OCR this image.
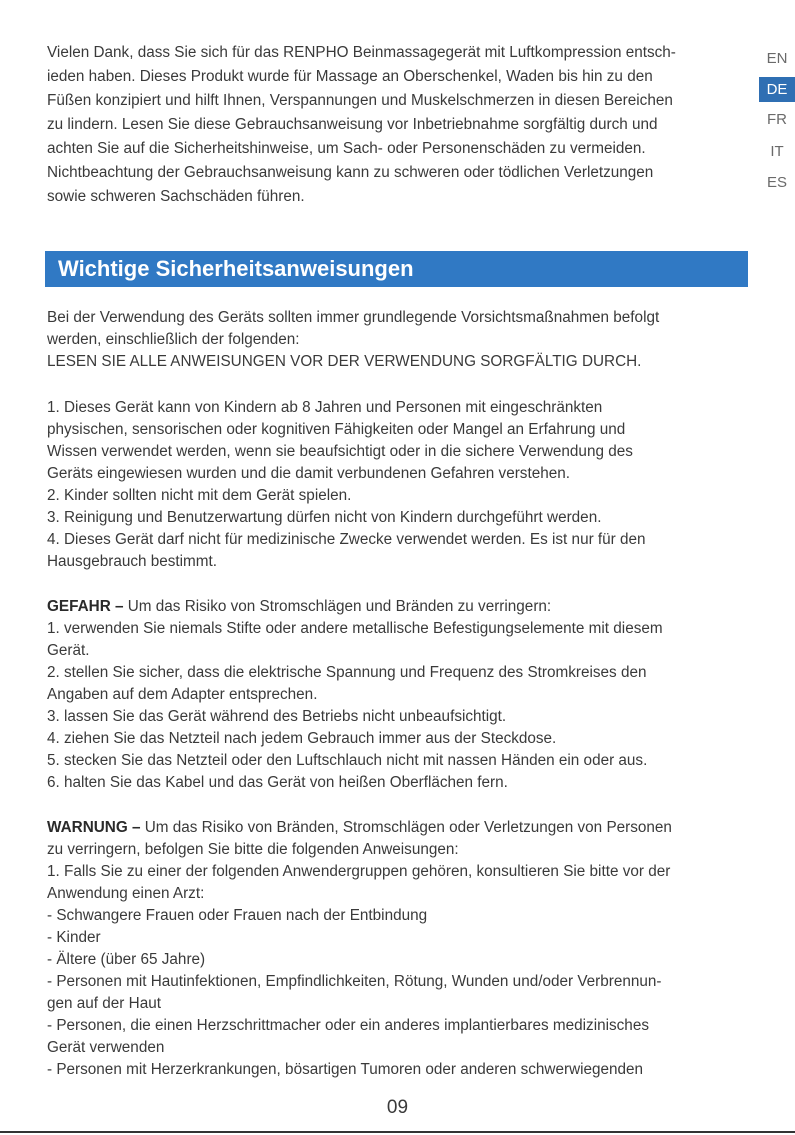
EN
DE
FR
IT
ES
Vielen Dank, dass Sie sich für das RENPHO Beinmassagegerät mit Luftkompression entsch-
ieden haben. Dieses Produkt wurde für Massage an Oberschenkel, Waden bis hin zu den
Füßen konzipiert und hilft Ihnen, Verspannungen und Muskelschmerzen in diesen Bereichen
zu lindern. Lesen Sie diese Gebrauchsanweisung vor Inbetriebnahme sorgfältig durch und
achten Sie auf die Sicherheitshinweise, um Sach- oder Personenschäden zu vermeiden.
Nichtbeachtung der Gebrauchsanweisung kann zu schweren oder tödlichen Verletzungen
sowie schweren Sachschäden führen.
Wichtige Sicherheitsanweisungen
Bei der Verwendung des Geräts sollten immer grundlegende Vorsichtsmaßnahmen befolgt
werden, einschließlich der folgenden:
LESEN SIE ALLE ANWEISUNGEN VOR DER VERWENDUNG SORGFÄLTIG DURCH.
1. Dieses Gerät kann von Kindern ab 8 Jahren und Personen mit eingeschränkten
physischen, sensorischen oder kognitiven Fähigkeiten oder Mangel an Erfahrung und
Wissen verwendet werden, wenn sie beaufsichtigt oder in die sichere Verwendung des
Geräts eingewiesen wurden und die damit verbundenen Gefahren verstehen.
2. Kinder sollten nicht mit dem Gerät spielen.
3. Reinigung und Benutzerwartung dürfen nicht von Kindern durchgeführt werden.
4. Dieses Gerät darf nicht für medizinische Zwecke verwendet werden. Es ist nur für den
Hausgebrauch bestimmt.
GEFAHR – Um das Risiko von Stromschlägen und Bränden zu verringern:
1. verwenden Sie niemals Stifte oder andere metallische Befestigungselemente mit diesem
Gerät.
2. stellen Sie sicher, dass die elektrische Spannung und Frequenz des Stromkreises den
Angaben auf dem Adapter entsprechen.
3. lassen Sie das Gerät während des Betriebs nicht unbeaufsichtigt.
4. ziehen Sie das Netzteil nach jedem Gebrauch immer aus der Steckdose.
5. stecken Sie das Netzteil oder den Luftschlauch nicht mit nassen Händen ein oder aus.
6. halten Sie das Kabel und das Gerät von heißen Oberflächen fern.
WARNUNG – Um das Risiko von Bränden, Stromschlägen oder Verletzungen von Personen
zu verringern, befolgen Sie bitte die folgenden Anweisungen:
1. Falls Sie zu einer der folgenden Anwendergruppen gehören, konsultieren Sie bitte vor der
Anwendung einen Arzt:
- Schwangere Frauen oder Frauen nach der Entbindung
- Kinder
- Ältere (über 65 Jahre)
- Personen mit Hautinfektionen, Empfindlichkeiten, Rötung, Wunden und/oder Verbrennun-
gen auf der Haut
- Personen, die einen Herzschrittmacher oder ein anderes implantierbares medizinisches
Gerät verwenden
- Personen mit Herzerkrankungen, bösartigen Tumoren oder anderen schwerwiegenden
09
